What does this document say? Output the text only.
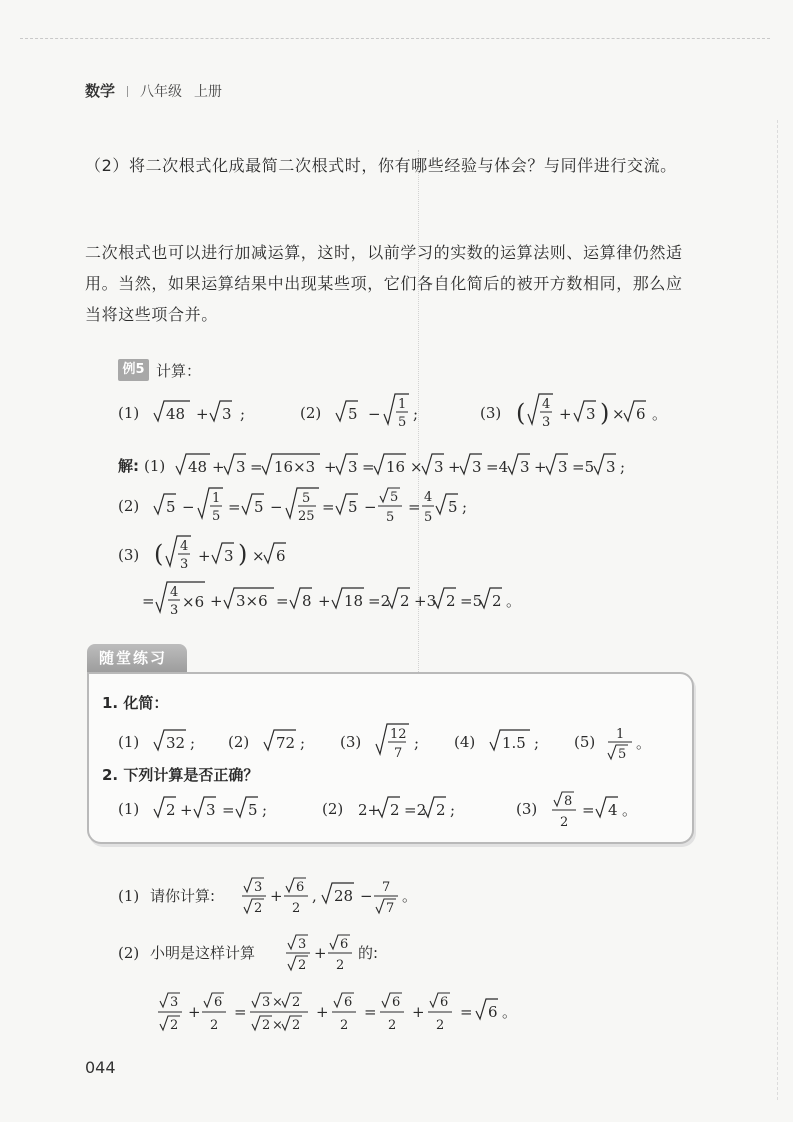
数学 八年级 上册
（2）将二次根式化成最简二次根式时，你有哪些经验与体会？与同伴进行交流。
二次根式也可以进行加减运算，这时，以前学习的实数的运算法则、运算律仍然适用。当然，如果运算结果中出现某些项，它们各自化简后的被开方数相同，那么应当将这些项合并。
例5 计算：
(1) 48 + 3 ;	(2) 5 −
1
5 ;	(3) ( 4
3 + 3 ) × 6 。
解: (1) 48 + 3 = 16×3 + 3 = 16 × 3 + 3 =4 3 + 3 =5 3 ;
(2) 5 − 1
5
= 5 − 5
25
= 5 −
5
5
=
4
5
5 ;
(3) ( 4
3 + 3 ) × 6
= 4
3 ×6 + 3×6 = 8 + 18 =2 2 +3 2 =5 2 。
随堂练习
1. 化简：
(1) 32 ; (2) 72 ; (3) 12
7
; (4) 1.5 ; (5) 1
5
。
2. 下列计算是否正确？
(1) 2 + 3 = 5 ;	(2) 2+ 2 =2 2 ;	(3) 8
2
= 4 。
(1) 请你计算:	3
2
+ 6
2
, 28 − 7
7
。
(2) 小明是这样计算	3
2
+ 6
2
的:
3
2
+
6
2
=
3 × 2
2 × 2
+
6
2
=
6
2
+
6
2
= 6 。
044
